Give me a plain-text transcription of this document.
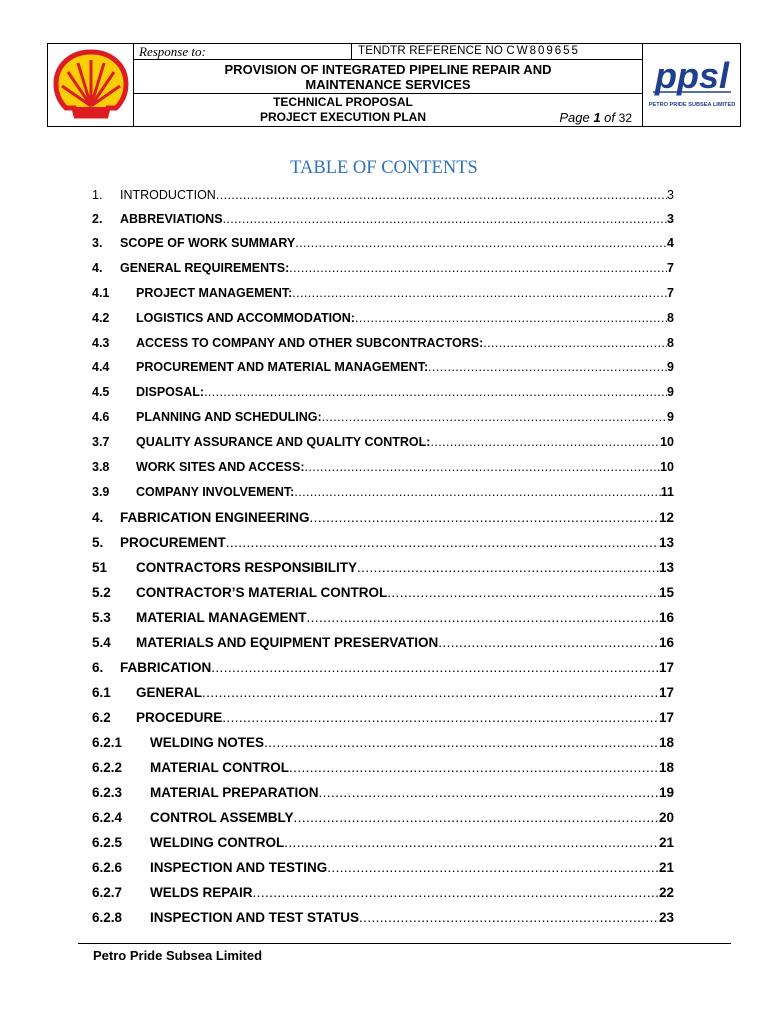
Response to:	TENDTR REFERENCE NO CW809655
PROVISION OF INTEGRATED PIPELINE REPAIR AND
MAINTENANCE SERVICES
TECHNICAL PROPOSAL
PROJECT EXECUTION PLAN	Page 1 of 32
ppsl
PETRO PRIDE SUBSEA LIMITED
TABLE OF CONTENTS
1.	INTRODUCTION .....	3
2.	ABBREVIATIONS .....	3
3.	SCOPE OF WORK SUMMARY .....	4
4.	GENERAL REQUIREMENTS: .....	7
4.1	PROJECT MANAGEMENT: .....	7
4.2	LOGISTICS AND ACCOMMODATION: .....	8
4.3	ACCESS TO COMPANY AND OTHER SUBCONTRACTORS: .....	8
4.4	PROCUREMENT AND MATERIAL MANAGEMENT: .....	9
4.5	DISPOSAL: .....	9
4.6	PLANNING AND SCHEDULING: .....	9
3.7	QUALITY ASSURANCE AND QUALITY CONTROL: .....	10
3.8	WORK SITES AND ACCESS: .....	10
3.9	COMPANY INVOLVEMENT: .....	11
4.	FABRICATION ENGINEERING .....	12
5.	PROCUREMENT .....	13
51	CONTRACTORS RESPONSIBILITY .....	13
5.2	CONTRACTOR’S MATERIAL CONTROL .....	15
5.3	MATERIAL MANAGEMENT .....	16
5.4	MATERIALS AND EQUIPMENT PRESERVATION .....	16
6.	FABRICATION .....	17
6.1	GENERAL .....	17
6.2	PROCEDURE .....	17
6.2.1	WELDING NOTES .....	18
6.2.2	MATERIAL CONTROL .....	18
6.2.3	MATERIAL PREPARATION .....	19
6.2.4	CONTROL ASSEMBLY .....	20
6.2.5	WELDING CONTROL .....	21
6.2.6	INSPECTION AND TESTING .....	21
6.2.7	WELDS REPAIR .....	22
6.2.8	INSPECTION AND TEST STATUS .....	23
Petro Pride Subsea Limited
